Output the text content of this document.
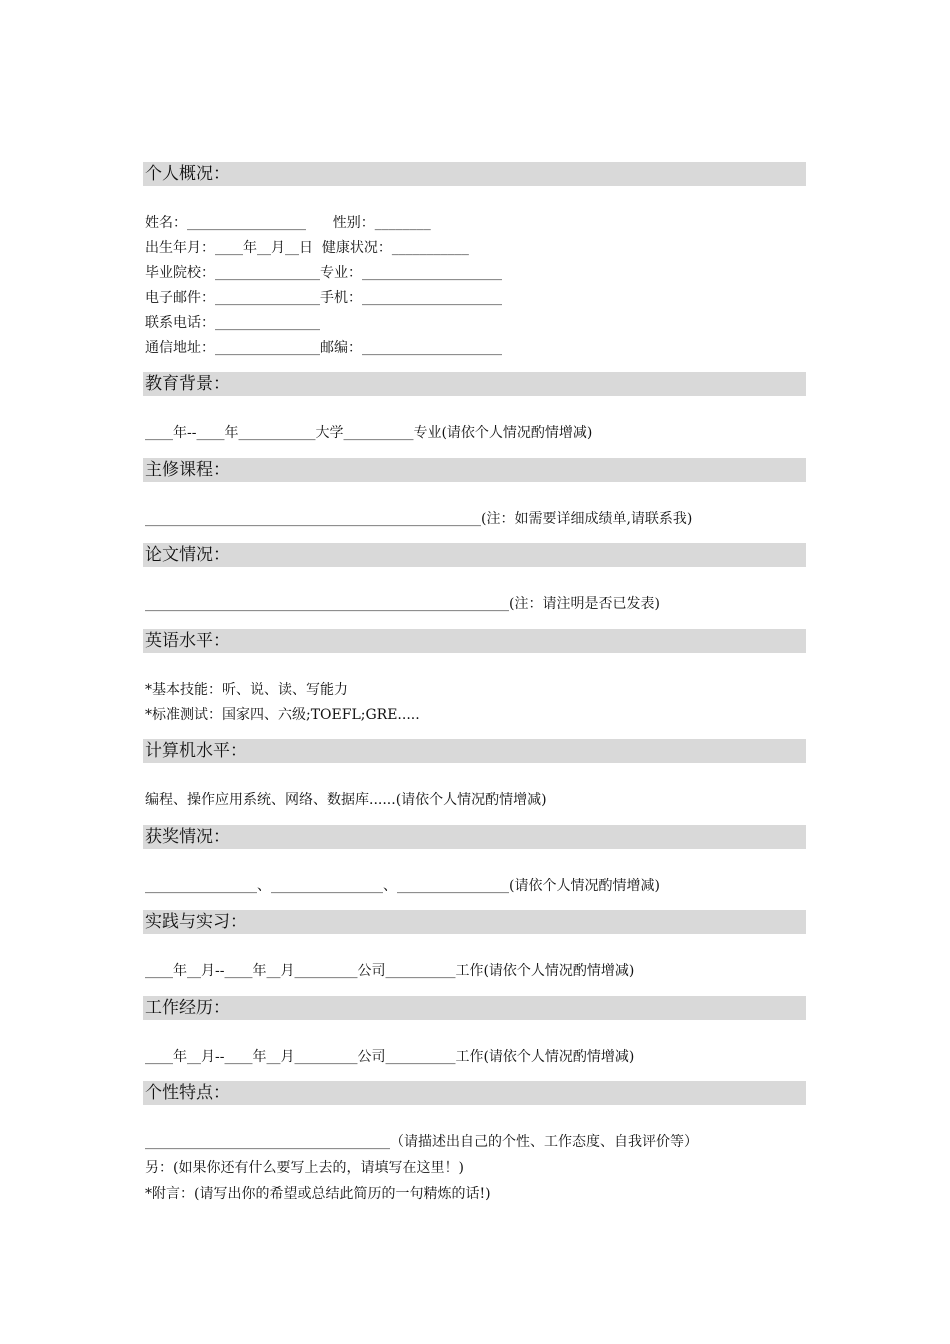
个人概况：
姓名：_________________      性别：________
出生年月：____年__月__日  健康状况：___________
毕业院校：_______________专业：____________________
电子邮件：_______________手机：____________________
联系电话：_______________
通信地址：_______________邮编：____________________
教育背景：
____年--____年___________大学__________专业(请依个人情况酌情增减)
主修课程：
________________________________________________(注：如需要详细成绩单,请联系我)
论文情况：
____________________________________________________(注：请注明是否已发表)
英语水平：
*基本技能：听、说、读、写能力
*标准测试：国家四、六级;TOEFL;GRE.....
计算机水平：
编程、操作应用系统、网络、数据库......(请依个人情况酌情增减)
获奖情况：
________________、________________、________________(请依个人情况酌情增减)
实践与实习：
____年__月--____年__月_________公司__________工作(请依个人情况酌情增减)
工作经历：
____年__月--____年__月_________公司__________工作(请依个人情况酌情增减)
个性特点：
___________________________________（请描述出自己的个性、工作态度、自我评价等）
另：(如果你还有什么要写上去的，请填写在这里！)
*附言：(请写出你的希望或总结此简历的一句精炼的话!)
